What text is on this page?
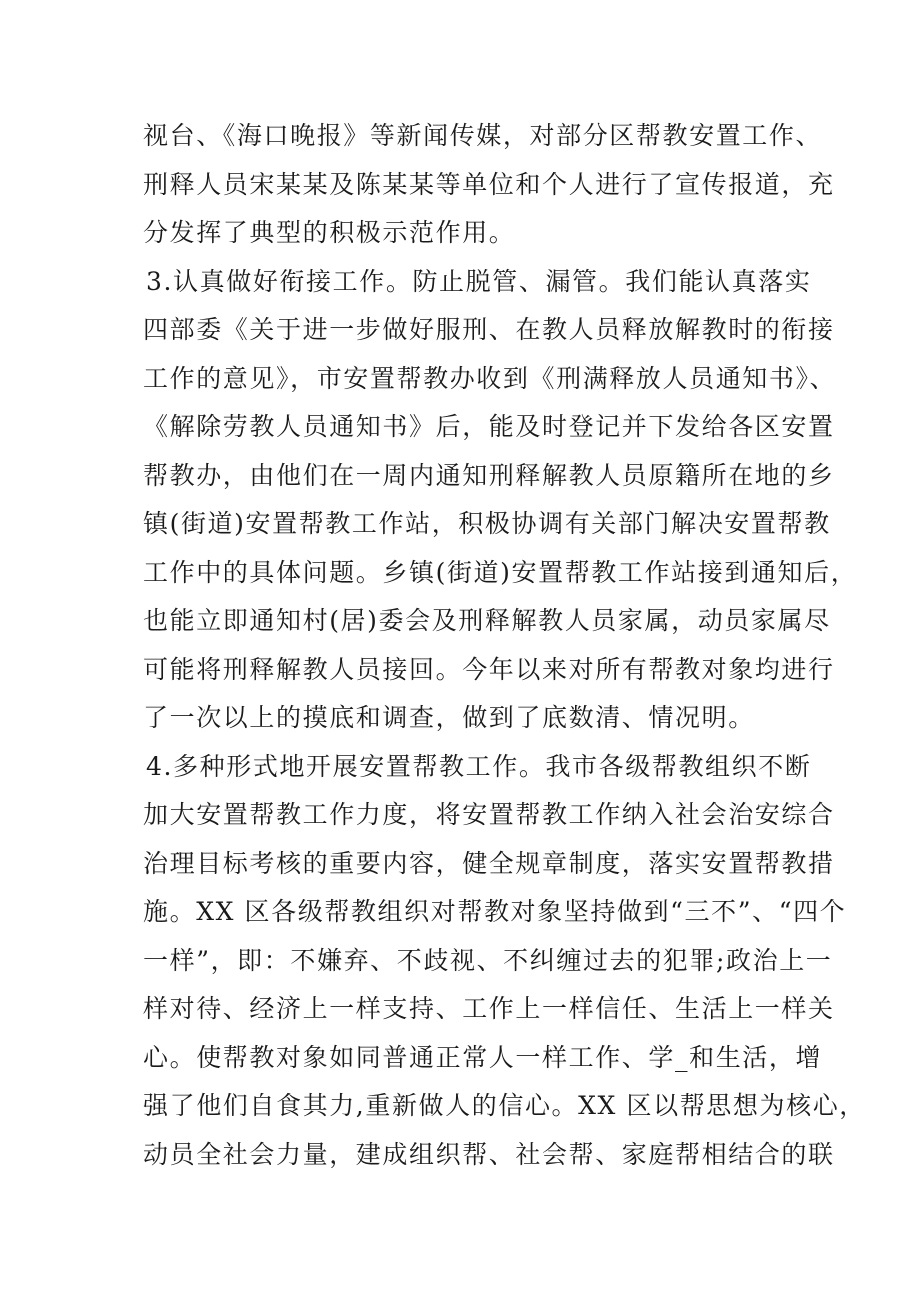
视台、《海口晚报》等新闻传媒，对部分区帮教安置工作、
刑释人员宋某某及陈某某等单位和个人进行了宣传报道，充
分发挥了典型的积极示范作用。
3.认真做好衔接工作。防止脱管、漏管。我们能认真落实
四部委《关于进一步做好服刑、在教人员释放解教时的衔接
工作的意见》，市安置帮教办收到《刑满释放人员通知书》、
《解除劳教人员通知书》后，能及时登记并下发给各区安置
帮教办，由他们在一周内通知刑释解教人员原籍所在地的乡
镇(街道)安置帮教工作站，积极协调有关部门解决安置帮教
工作中的具体问题。乡镇(街道)安置帮教工作站接到通知后，
也能立即通知村(居)委会及刑释解教人员家属，动员家属尽
可能将刑释解教人员接回。今年以来对所有帮教对象均进行
了一次以上的摸底和调查，做到了底数清、情况明。
4.多种形式地开展安置帮教工作。我市各级帮教组织不断
加大安置帮教工作力度，将安置帮教工作纳入社会治安综合
治理目标考核的重要内容，健全规章制度，落实安置帮教措
施。XX 区各级帮教组织对帮教对象坚持做到“三不”、“四个
一样”，即：不嫌弃、不歧视、不纠缠过去的犯罪;政治上一
样对待、经济上一样支持、工作上一样信任、生活上一样关
心。使帮教对象如同普通正常人一样工作、学_和生活，增
强了他们自食其力,重新做人的信心。XX 区以帮思想为核心，
动员全社会力量，建成组织帮、社会帮、家庭帮相结合的联
